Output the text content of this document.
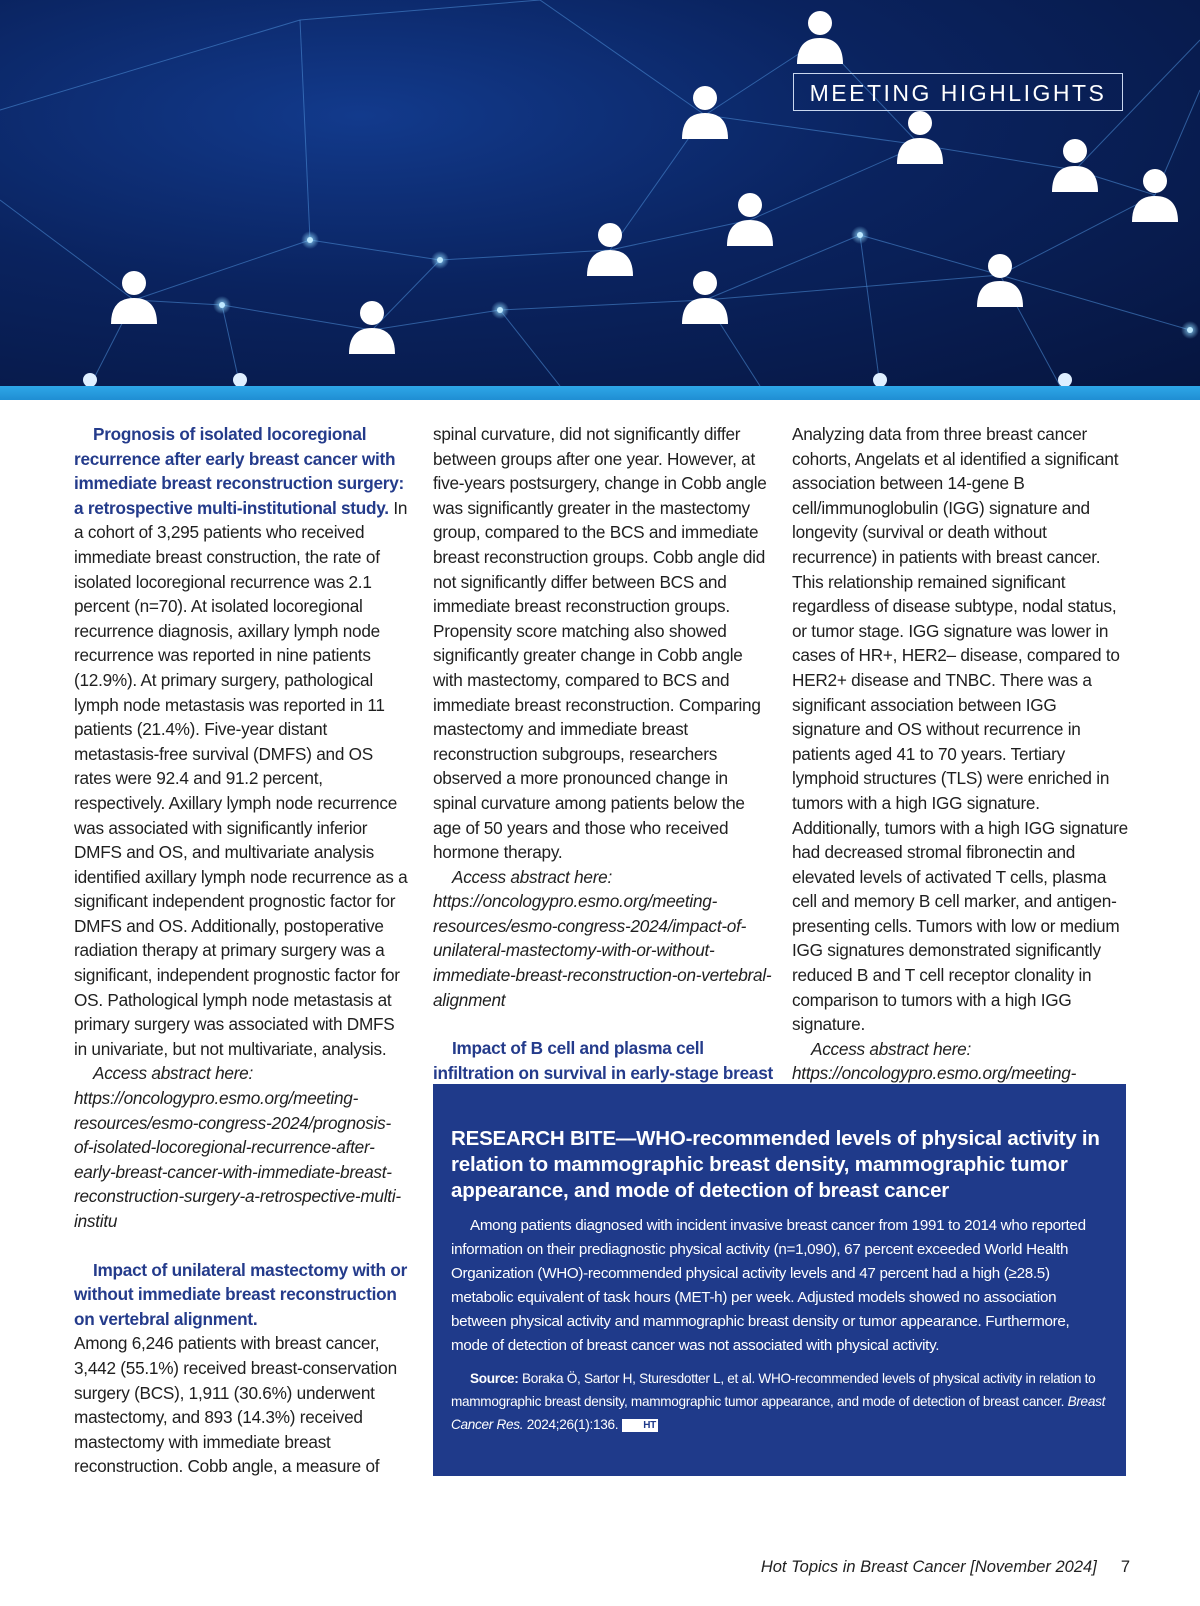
MEETING HIGHLIGHTS

Prognosis of isolated locoregional recurrence after early breast cancer with immediate breast reconstruction surgery: a retrospective multi-institutional study. In a cohort of 3,295 patients who received immediate breast construction, the rate of isolated locoregional recurrence was 2.1 percent (n=70). At isolated locoregional recurrence diagnosis, axillary lymph node recurrence was reported in nine patients (12.9%). At primary surgery, pathological lymph node metastasis was reported in 11 patients (21.4%). Five-year distant metastasis-free survival (DMFS) and OS rates were 92.4 and 91.2 percent, respectively. Axillary lymph node recurrence was associated with significantly inferior DMFS and OS, and multivariate analysis identified axillary lymph node recurrence as a significant independent prognostic factor for DMFS and OS. Additionally, postoperative radiation therapy at primary surgery was a significant, independent prognostic factor for OS. Pathological lymph node metastasis at primary surgery was associated with DMFS in univariate, but not multivariate, analysis.

Access abstract here: https://oncologypro.esmo.org/meeting-resources/esmo-congress-2024/prognosis-of-isolated-locoregional-recurrence-after-early-breast-cancer-with-immediate-breast-reconstruction-surgery-a-retrospective-multi-institu

Impact of unilateral mastectomy with or without immediate breast reconstruction on vertebral alignment.

Among 6,246 patients with breast cancer, 3,442 (55.1%) received breast-conservation surgery (BCS), 1,911 (30.6%) underwent mastectomy, and 893 (14.3%) received mastectomy with immediate breast reconstruction. Cobb angle, a measure of

spinal curvature, did not significantly differ between groups after one year. However, at five-years postsurgery, change in Cobb angle was significantly greater in the mastectomy group, compared to the BCS and immediate breast reconstruction groups. Cobb angle did not significantly differ between BCS and immediate breast reconstruction groups. Propensity score matching also showed significantly greater change in Cobb angle with mastectomy, compared to BCS and immediate breast reconstruction. Comparing mastectomy and immediate breast reconstruction subgroups, researchers observed a more pronounced change in spinal curvature among patients below the age of 50 years and those who received hormone therapy.

Access abstract here: https://oncologypro.esmo.org/meeting-resources/esmo-congress-2024/impact-of-unilateral-mastectomy-with-or-without-immediate-breast-reconstruction-on-vertebral-alignment

Impact of B cell and plasma cell infiltration on survival in early-stage breast

Analyzing data from three breast cancer cohorts, Angelats et al identified a significant association between 14-gene B cell/immunoglobulin (IGG) signature and longevity (survival or death without recurrence) in patients with breast cancer. This relationship remained significant regardless of disease subtype, nodal status, or tumor stage. IGG signature was lower in cases of HR+, HER2– disease, compared to HER2+ disease and TNBC. There was a significant association between IGG signature and OS without recurrence in patients aged 41 to 70 years. Tertiary lymphoid structures (TLS) were enriched in tumors with a high IGG signature. Additionally, tumors with a high IGG signature had decreased stromal fibronectin and elevated levels of activated T cells, plasma cell and memory B cell marker, and antigen-presenting cells. Tumors with low or medium IGG signatures demonstrated significantly reduced B and T cell receptor clonality in comparison to tumors with a high IGG signature.

Access abstract here: https://oncologypro.esmo.org/meeting-

RESEARCH BITE—WHO-recommended levels of physical activity in relation to mammographic breast density, mammographic tumor appearance, and mode of detection of breast cancer

Among patients diagnosed with incident invasive breast cancer from 1991 to 2014 who reported information on their prediagnostic physical activity (n=1,090), 67 percent exceeded World Health Organization (WHO)-recommended physical activity levels and 47 percent had a high (≥28.5) metabolic equivalent of task hours (MET-h) per week. Adjusted models showed no association between physical activity and mammographic breast density or tumor appearance. Furthermore, mode of detection of breast cancer was not associated with physical activity.

Source: Boraka Ö, Sartor H, Sturesdotter L, et al. WHO-recommended levels of physical activity in relation to mammographic breast density, mammographic tumor appearance, and mode of detection of breast cancer. Breast Cancer Res. 2024;26(1):136.	HT

Hot Topics in Breast Cancer [November 2024] 7
